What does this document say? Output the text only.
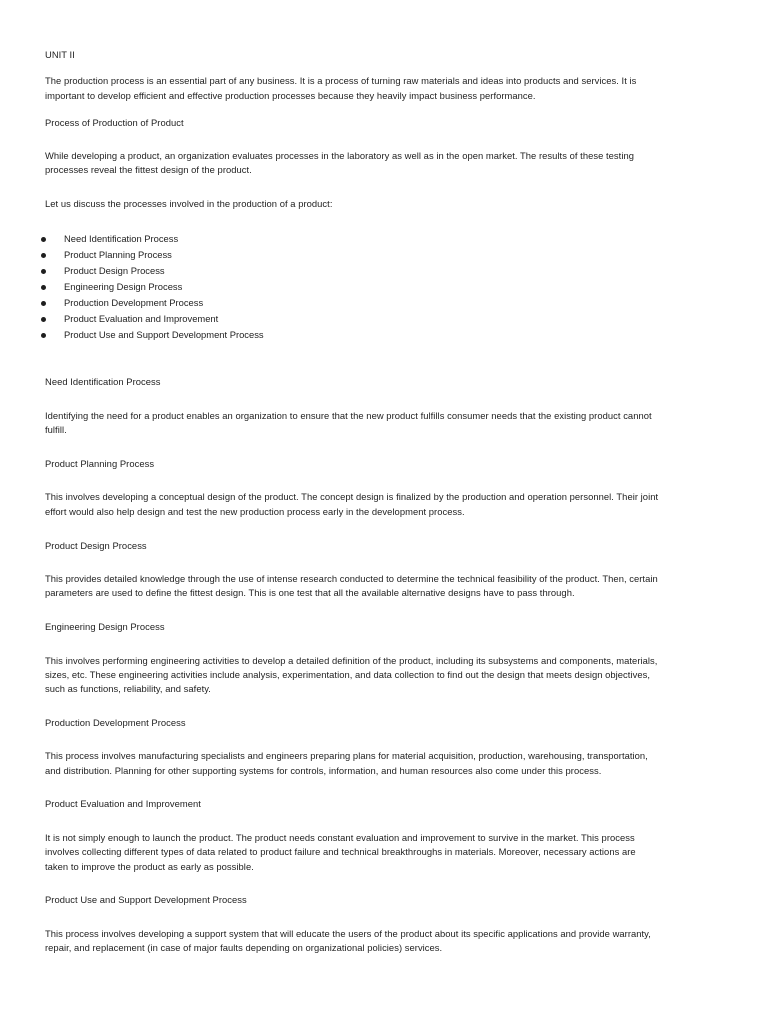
UNIT II
The production process is an essential part of any business. It is a process of turning raw materials and ideas into products and services. It is
important to develop efficient and effective production processes because they heavily impact business performance.
Process of Production of Product
While developing a product, an organization evaluates processes in the laboratory as well as in the open market. The results of these testing
processes reveal the fittest design of the product.
Let us discuss the processes involved in the production of a product:
Need Identification Process
Product Planning Process
Product Design Process
Engineering Design Process
Production Development Process
Product Evaluation and Improvement
Product Use and Support Development Process
Need Identification Process
Identifying the need for a product enables an organization to ensure that the new product fulfills consumer needs that the existing product cannot
fulfill.
Product Planning Process
This involves developing a conceptual design of the product. The concept design is finalized by the production and operation personnel. Their joint
effort would also help design and test the new production process early in the development process.
Product Design Process
This provides detailed knowledge through the use of intense research conducted to determine the technical feasibility of the product. Then, certain
parameters are used to define the fittest design. This is one test that all the available alternative designs have to pass through.
Engineering Design Process
This involves performing engineering activities to develop a detailed definition of the product, including its subsystems and components, materials,
sizes, etc. These engineering activities include analysis, experimentation, and data collection to find out the design that meets design objectives,
such as functions, reliability, and safety.
Production Development Process
This process involves manufacturing specialists and engineers preparing plans for material acquisition, production, warehousing, transportation,
and distribution. Planning for other supporting systems for controls, information, and human resources also come under this process.
Product Evaluation and Improvement
It is not simply enough to launch the product. The product needs constant evaluation and improvement to survive in the market. This process
involves collecting different types of data related to product failure and technical breakthroughs in materials. Moreover, necessary actions are
taken to improve the product as early as possible.
Product Use and Support Development Process
This process involves developing a support system that will educate the users of the product about its specific applications and provide warranty,
repair, and replacement (in case of major faults depending on organizational policies) services.
